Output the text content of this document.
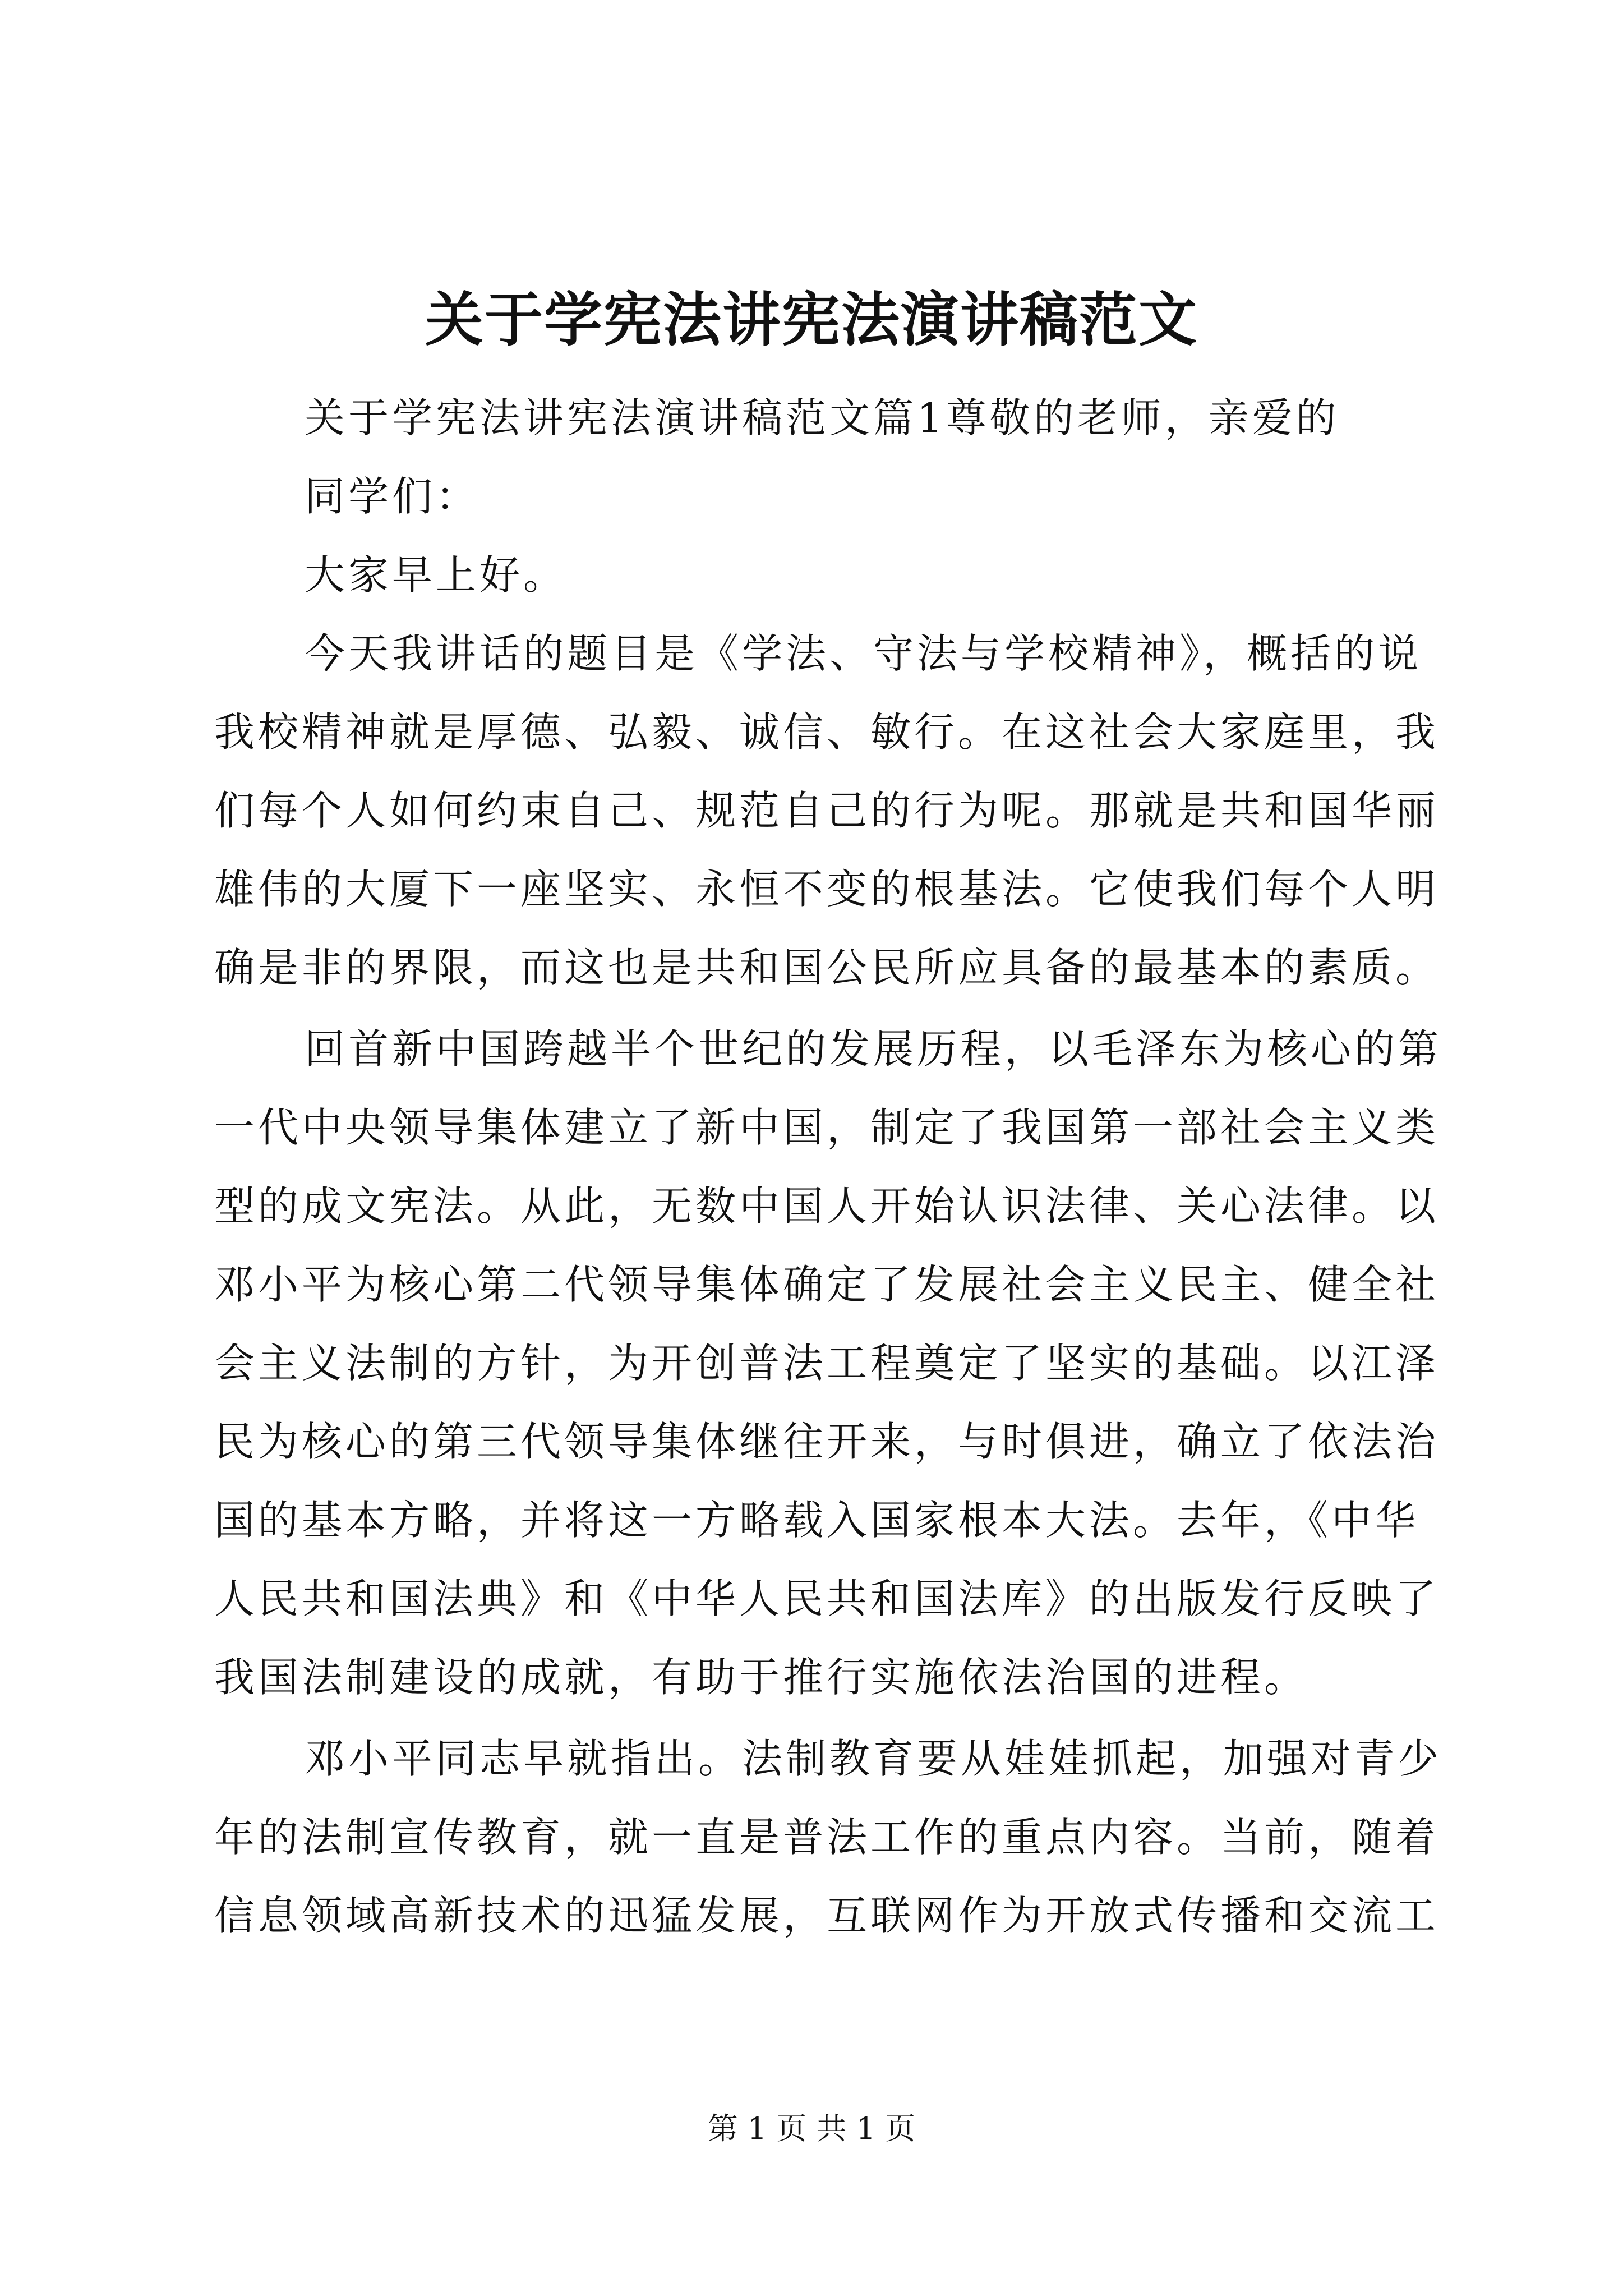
关于学宪法讲宪法演讲稿范文
关于学宪法讲宪法演讲稿范文篇1尊敬的老师，亲爱的
同学们：
大家早上好。
今天我讲话的题目是《学法、守法与学校精神》，概括的说
我校精神就是厚德、弘毅、诚信、敏行。在这社会大家庭里，我
们每个人如何约束自己、规范自己的行为呢。那就是共和国华丽
雄伟的大厦下一座坚实、永恒不变的根基法。它使我们每个人明
确是非的界限，而这也是共和国公民所应具备的最基本的素质。
回首新中国跨越半个世纪的发展历程，以毛泽东为核心的第
一代中央领导集体建立了新中国，制定了我国第一部社会主义类
型的成文宪法。从此，无数中国人开始认识法律、关心法律。以
邓小平为核心第二代领导集体确定了发展社会主义民主、健全社
会主义法制的方针，为开创普法工程奠定了坚实的基础。以江泽
民为核心的第三代领导集体继往开来，与时俱进，确立了依法治
国的基本方略，并将这一方略载入国家根本大法。去年，《中华
人民共和国法典》和《中华人民共和国法库》的出版发行反映了
我国法制建设的成就，有助于推行实施依法治国的进程。
邓小平同志早就指出。法制教育要从娃娃抓起，加强对青少
年的法制宣传教育，就一直是普法工作的重点内容。当前，随着
信息领域高新技术的迅猛发展，互联网作为开放式传播和交流工
第 1 页 共 1 页
